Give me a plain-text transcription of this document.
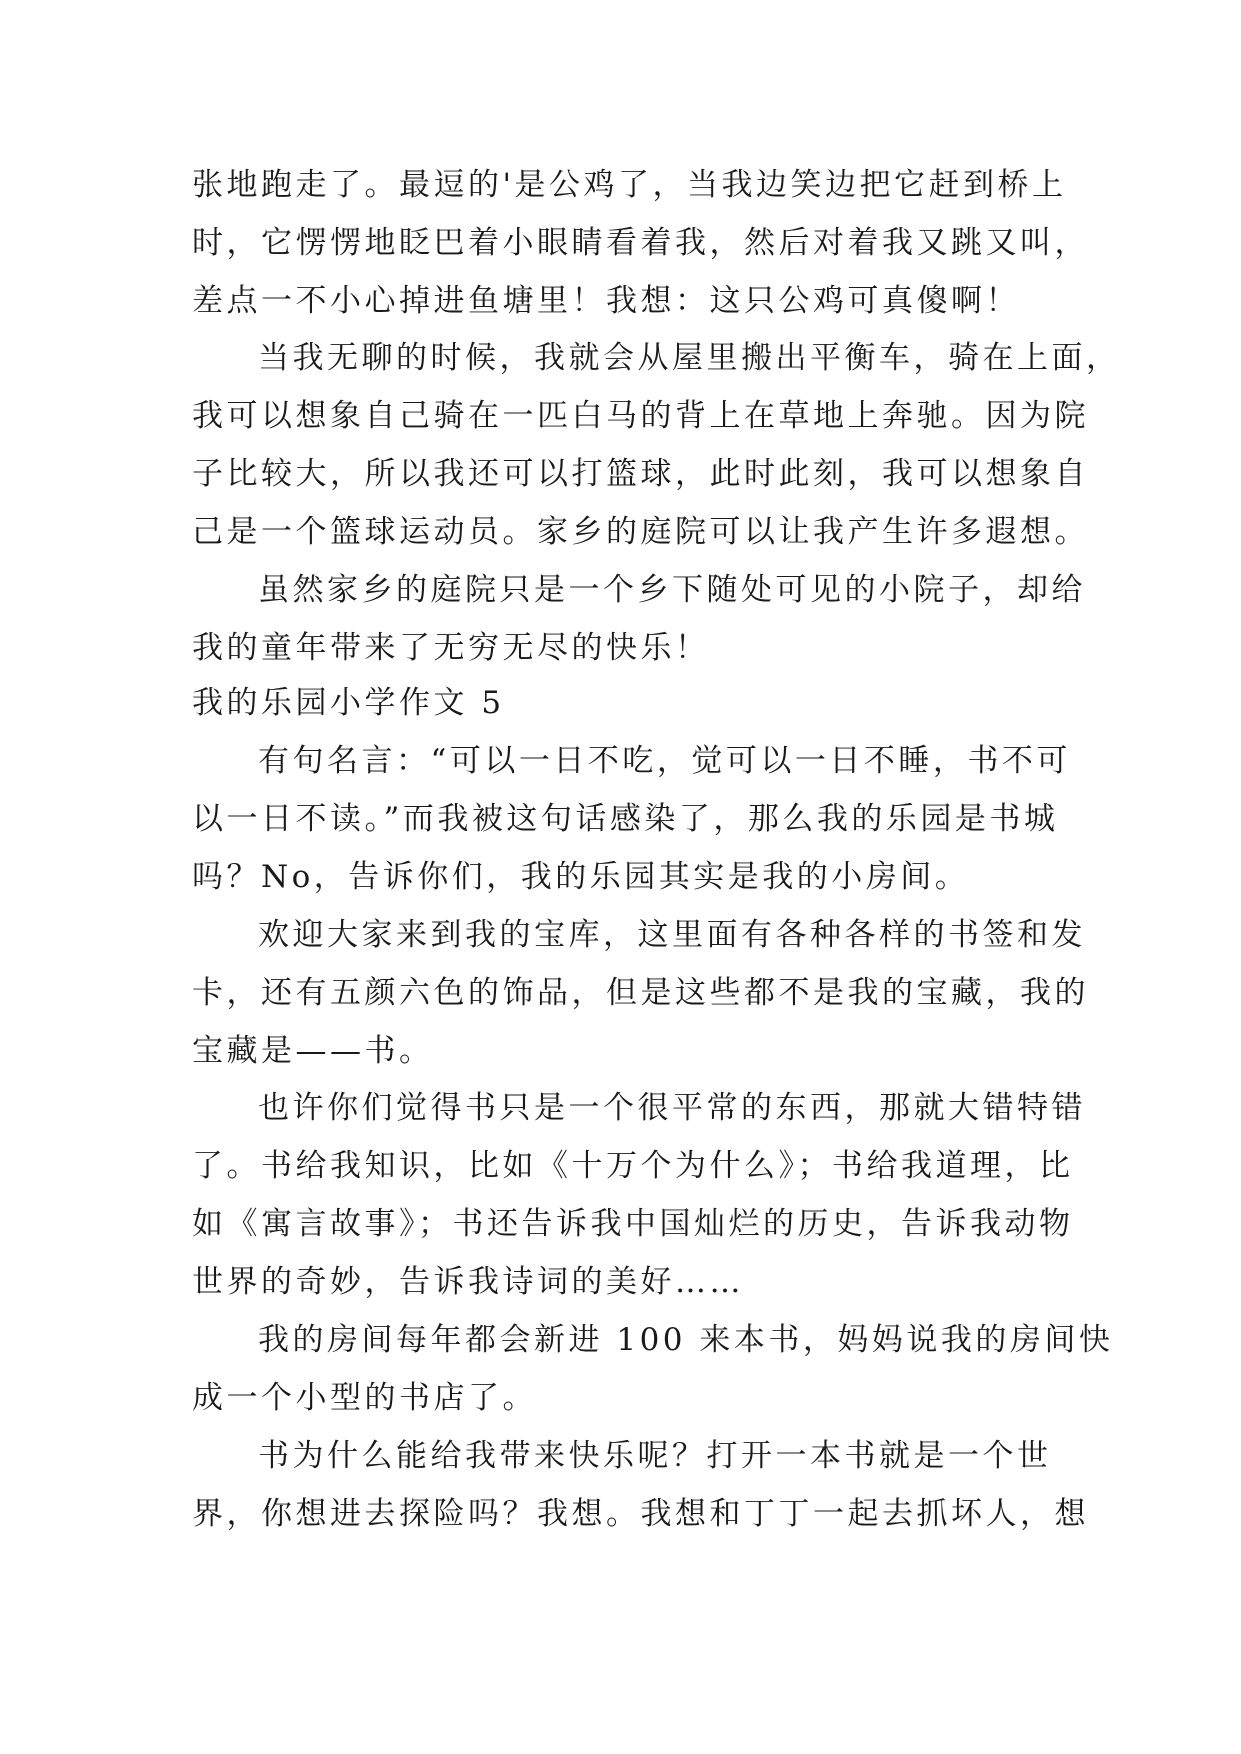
张地跑走了。最逗的'是公鸡了，当我边笑边把它赶到桥上
时，它愣愣地眨巴着小眼睛看着我，然后对着我又跳又叫，
差点一不小心掉进鱼塘里！我想：这只公鸡可真傻啊！
当我无聊的时候，我就会从屋里搬出平衡车，骑在上面，
我可以想象自己骑在一匹白马的背上在草地上奔驰。因为院
子比较大，所以我还可以打篮球，此时此刻，我可以想象自
己是一个篮球运动员。家乡的庭院可以让我产生许多遐想。
虽然家乡的庭院只是一个乡下随处可见的小院子，却给
我的童年带来了无穷无尽的快乐！
我的乐园小学作文 5
有句名言：“可以一日不吃，觉可以一日不睡，书不可
以一日不读。”而我被这句话感染了，那么我的乐园是书城
吗？No，告诉你们，我的乐园其实是我的小房间。
欢迎大家来到我的宝库，这里面有各种各样的书签和发
卡，还有五颜六色的饰品，但是这些都不是我的宝藏，我的
宝藏是——书。
也许你们觉得书只是一个很平常的东西，那就大错特错
了。书给我知识，比如《十万个为什么》；书给我道理，比
如《寓言故事》；书还告诉我中国灿烂的历史，告诉我动物
世界的奇妙，告诉我诗词的美好……
我的房间每年都会新进 100 来本书，妈妈说我的房间快
成一个小型的书店了。
书为什么能给我带来快乐呢？打开一本书就是一个世
界，你想进去探险吗？我想。我想和丁丁一起去抓坏人，想
